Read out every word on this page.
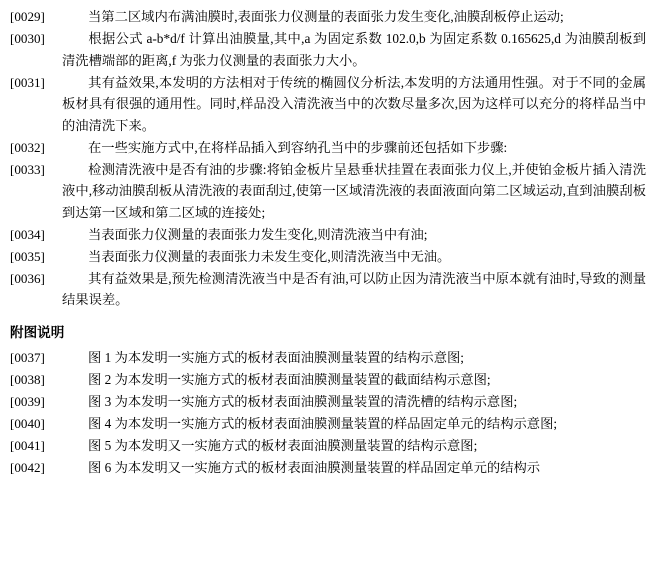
[0029]	当第二区域内布满油膜时,表面张力仪测量的表面张力发生变化,油膜刮板停止运动;
[0030]	根据公式 a-b*d/f 计算出油膜量,其中,a 为固定系数 102.0,b 为固定系数 0.165625,d 为油膜刮板到清洗槽端部的距离,f 为张力仪测量的表面张力大小。
[0031]	其有益效果,本发明的方法相对于传统的椭圆仪分析法,本发明的方法通用性强。对于不同的金属板材具有很强的通用性。同时,样品没入清洗液当中的次数尽量多次,因为这样可以充分的将样品当中的油清洗下来。
[0032]	在一些实施方式中,在将样品插入到容纳孔当中的步骤前还包括如下步骤:
[0033]	检测清洗液中是否有油的步骤:将铂金板片呈悬垂状挂置在表面张力仪上,并使铂金板片插入清洗液中,移动油膜刮板从清洗液的表面刮过,使第一区域清洗液的表面液面向第二区域运动,直到油膜刮板到达第一区域和第二区域的连接处;
[0034]	当表面张力仪测量的表面张力发生变化,则清洗液当中有油;
[0035]	当表面张力仪测量的表面张力未发生变化,则清洗液当中无油。
[0036]	其有益效果是,预先检测清洗液当中是否有油,可以防止因为清洗液当中原本就有油时,导致的测量结果误差。
附图说明
[0037]	图 1 为本发明一实施方式的板材表面油膜测量装置的结构示意图;
[0038]	图 2 为本发明一实施方式的板材表面油膜测量装置的截面结构示意图;
[0039]	图 3 为本发明一实施方式的板材表面油膜测量装置的清洗槽的结构示意图;
[0040]	图 4 为本发明一实施方式的板材表面油膜测量装置的样品固定单元的结构示意图;
[0041]	图 5 为本发明又一实施方式的板材表面油膜测量装置的结构示意图;
[0042]	图 6 为本发明又一实施方式的板材表面油膜测量装置的样品固定单元的结构示
